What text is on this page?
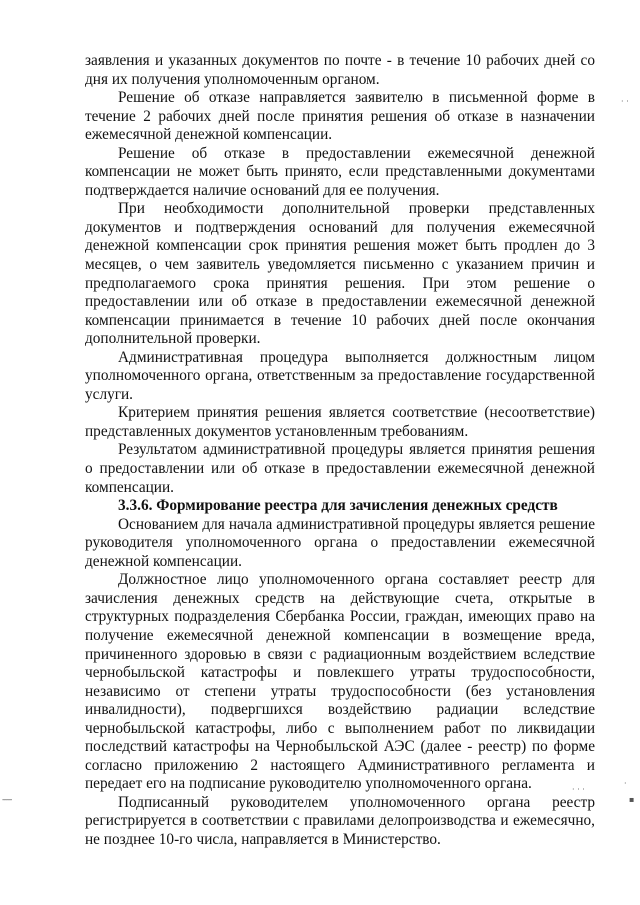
заявления и указанных документов по почте - в течение 10 рабочих дней со дня их получения уполномоченным органом.

Решение об отказе направляется заявителю в письменной форме в течение 2 рабочих дней после принятия решения об отказе в назначении ежемесячной денежной компенсации.

Решение об отказе в предоставлении ежемесячной денежной компенсации не может быть принято, если представленными документами подтверждается наличие оснований для ее получения.

При необходимости дополнительной проверки представленных документов и подтверждения оснований для получения ежемесячной денежной компенсации срок принятия решения может быть продлен до 3 месяцев, о чем заявитель уведомляется письменно с указанием причин и предполагаемого срока принятия решения. При этом решение о предоставлении или об отказе в предоставлении ежемесячной денежной компенсации принимается в течение 10 рабочих дней после окончания дополнительной проверки.

Административная процедура выполняется должностным лицом уполномоченного органа, ответственным за предоставление государственной услуги.

Критерием принятия решения является соответствие (несоответствие) представленных документов установленным требованиям.

Результатом административной процедуры является принятия решения о предоставлении или об отказе в предоставлении ежемесячной денежной компенсации.

3.3.6. Формирование реестра для зачисления денежных средств

Основанием для начала административной процедуры является решение руководителя уполномоченного органа о предоставлении ежемесячной денежной компенсации.

Должностное лицо уполномоченного органа составляет реестр для зачисления денежных средств на действующие счета, открытые в структурных подразделения Сбербанка России, граждан, имеющих право на получение ежемесячной денежной компенсации в возмещение вреда, причиненного здоровью в связи с радиационным воздействием вследствие чернобыльской катастрофы и повлекшего утраты трудоспособности, независимо от степени утраты трудоспособности (без установления инвалидности), подвергшихся воздействию радиации вследствие чернобыльской катастрофы, либо с выполнением работ по ликвидации последствий катастрофы на Чернобыльской АЭС (далее - реестр) по форме согласно приложению 2 настоящего Административного регламента и передает его на подписание руководителю уполномоченного органа.

Подписанный руководителем уполномоченного органа реестр регистрируется в соответствии с правилами делопроизводства и ежемесячно, не позднее 10-го числа, направляется в Министерство.

· ·
·
▪
-----
· · ·
